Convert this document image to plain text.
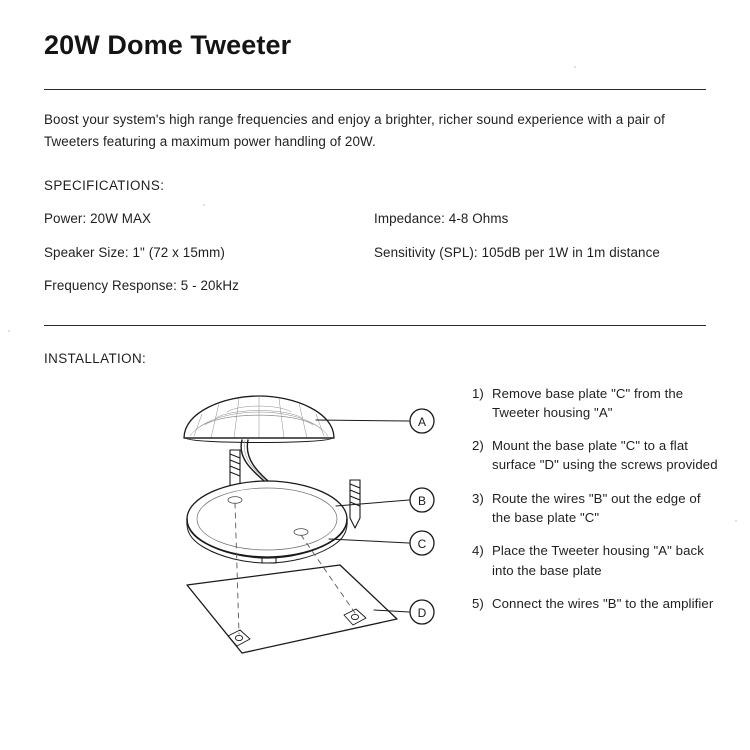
20W Dome Tweeter

Boost your system's high range frequencies and enjoy a brighter, richer sound experience with a pair of Tweeters featuring a maximum power handling of 20W.

SPECIFICATIONS:
Power: 20W MAX	Impedance: 4-8 Ohms
Speaker Size: 1" (72 x 15mm)	Sensitivity (SPL): 105dB per 1W in 1m distance
Frequency Response: 5 - 20kHz
INSTALLATION:
A
B
C
D
1) Remove base plate "C" from the Tweeter housing "A"
2) Mount the base plate "C" to a flat surface "D" using the screws provided
3) Route the wires "B" out the edge of the base plate "C"
4) Place the Tweeter housing "A" back into the base plate
5) Connect the wires "B" to the amplifier
